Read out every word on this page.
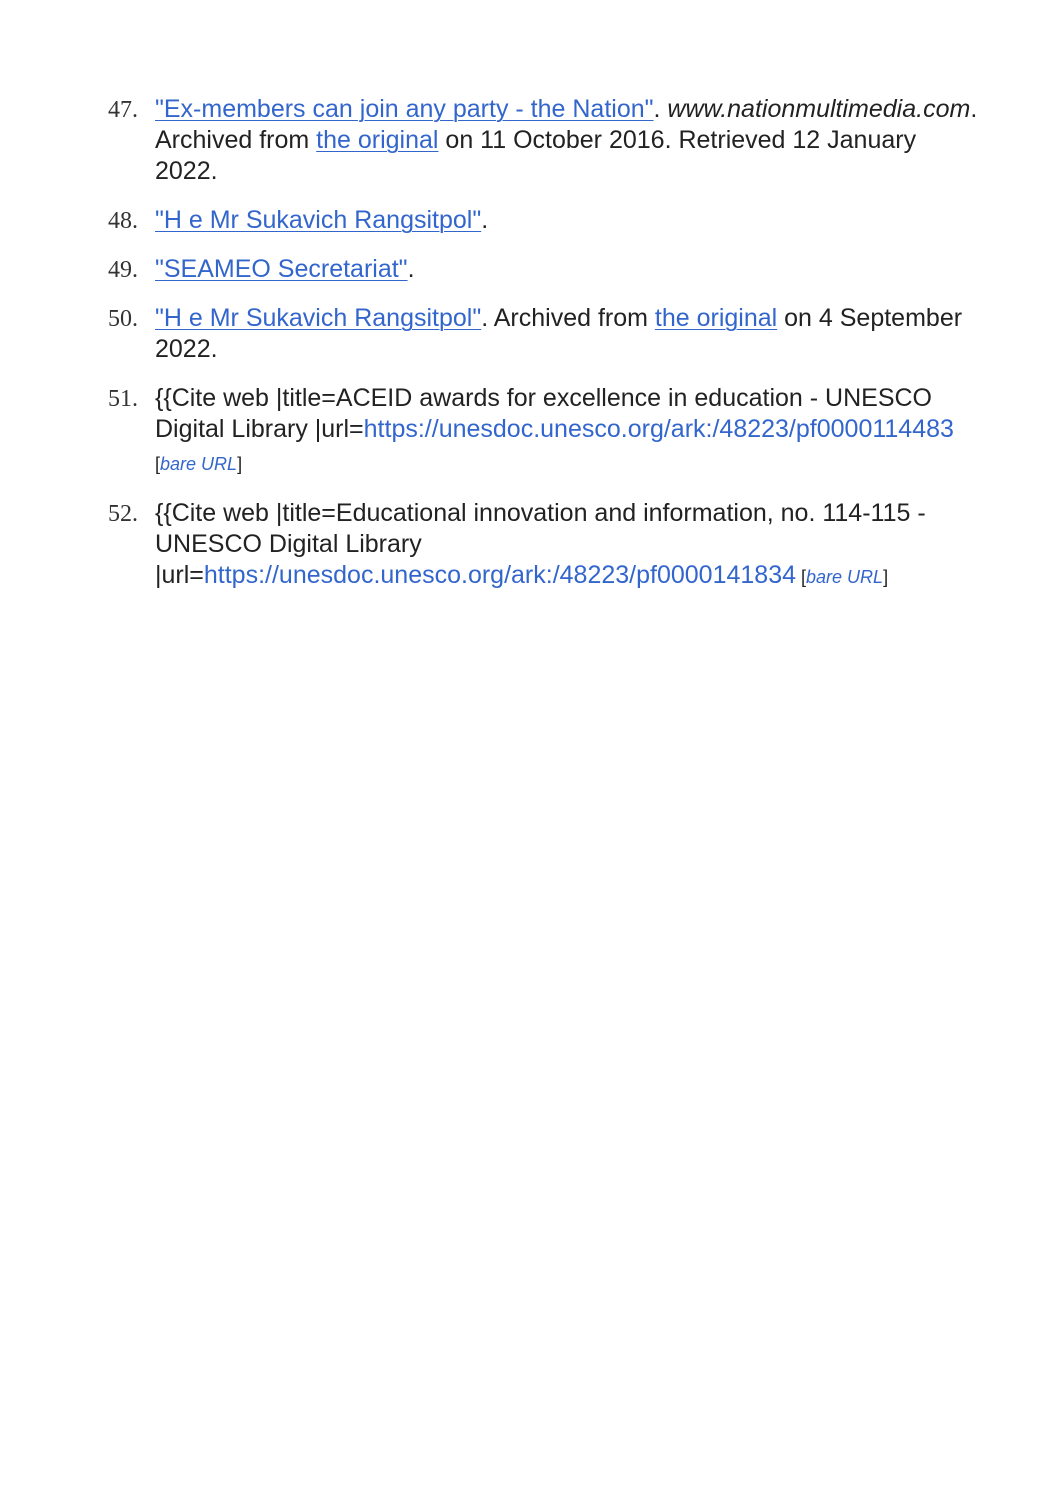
47. "Ex-members can join any party - the Nation". www.nationmultimedia.com. Archived from the original on 11 October 2016. Retrieved 12 January 2022.
48. "H e Mr Sukavich Rangsitpol".
49. "SEAMEO Secretariat".
50. "H e Mr Sukavich Rangsitpol". Archived from the original on 4 September 2022.
51. {{Cite web |title=ACEID awards for excellence in education - UNESCO Digital Library |url=https://unesdoc.unesco.org/ark:/48223/pf0000114483 [bare URL]
52. {{Cite web |title=Educational innovation and information, no. 114-115 - UNESCO Digital Library |url=https://unesdoc.unesco.org/ark:/48223/pf0000141834 [bare URL]
